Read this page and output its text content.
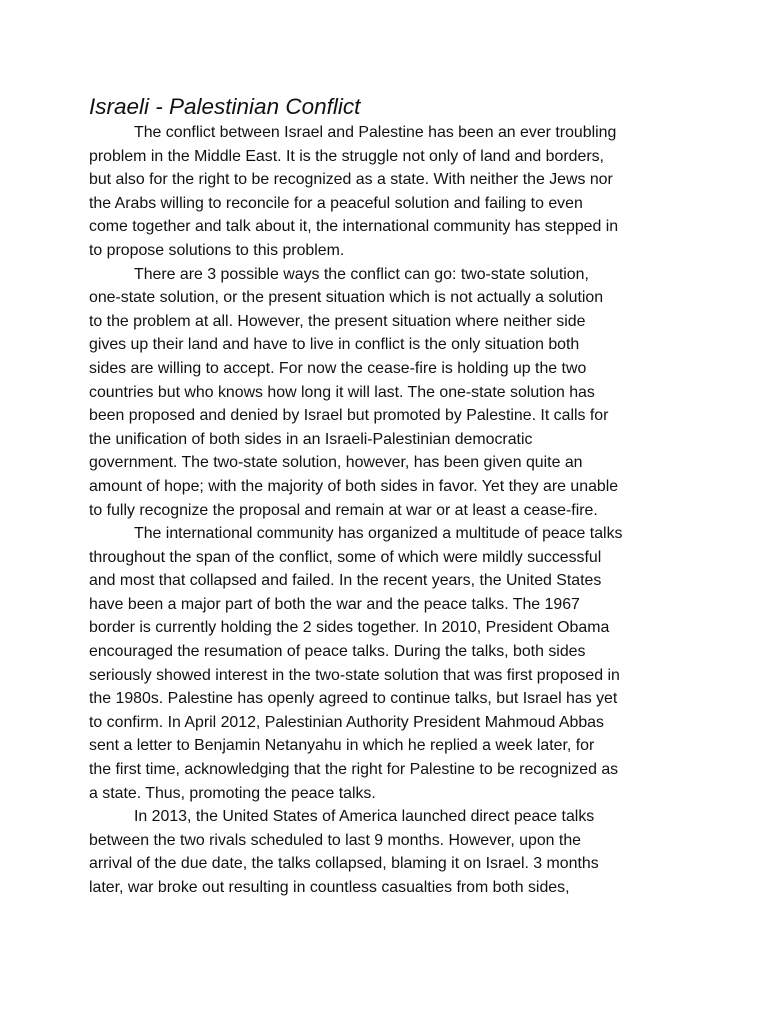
Israeli - Palestinian Conflict

The conflict between Israel and Palestine has been an ever troubling
problem in the Middle East. It is the struggle not only of land and borders,
but also for the right to be recognized as a state. With neither the Jews nor
the Arabs willing to reconcile for a peaceful solution and failing to even
come together and talk about it, the international community has stepped in
to propose solutions to this problem.

There are 3 possible ways the conflict can go: two-state solution,
one-state solution, or the present situation which is not actually a solution
to the problem at all. However, the present situation where neither side
gives up their land and have to live in conflict is the only situation both
sides are willing to accept. For now the cease-fire is holding up the two
countries but who knows how long it will last. The one-state solution has
been proposed and denied by Israel but promoted by Palestine. It calls for
the unification of both sides in an Israeli-Palestinian democratic
government. The two-state solution, however, has been given quite an
amount of hope; with the majority of both sides in favor. Yet they are unable
to fully recognize the proposal and remain at war or at least a cease-fire.

The international community has organized a multitude of peace talks
throughout the span of the conflict, some of which were mildly successful
and most that collapsed and failed. In the recent years, the United States
have been a major part of both the war and the peace talks. The 1967
border is currently holding the 2 sides together. In 2010, President Obama
encouraged the resumation of peace talks. During the talks, both sides
seriously showed interest in the two-state solution that was first proposed in
the 1980s. Palestine has openly agreed to continue talks, but Israel has yet
to confirm. In April 2012, Palestinian Authority President Mahmoud Abbas
sent a letter to Benjamin Netanyahu in which he replied a week later, for
the first time, acknowledging that the right for Palestine to be recognized as
a state. Thus, promoting the peace talks.

In 2013, the United States of America launched direct peace talks
between the two rivals scheduled to last 9 months. However, upon the
arrival of the due date, the talks collapsed, blaming it on Israel. 3 months
later, war broke out resulting in countless casualties from both sides,
